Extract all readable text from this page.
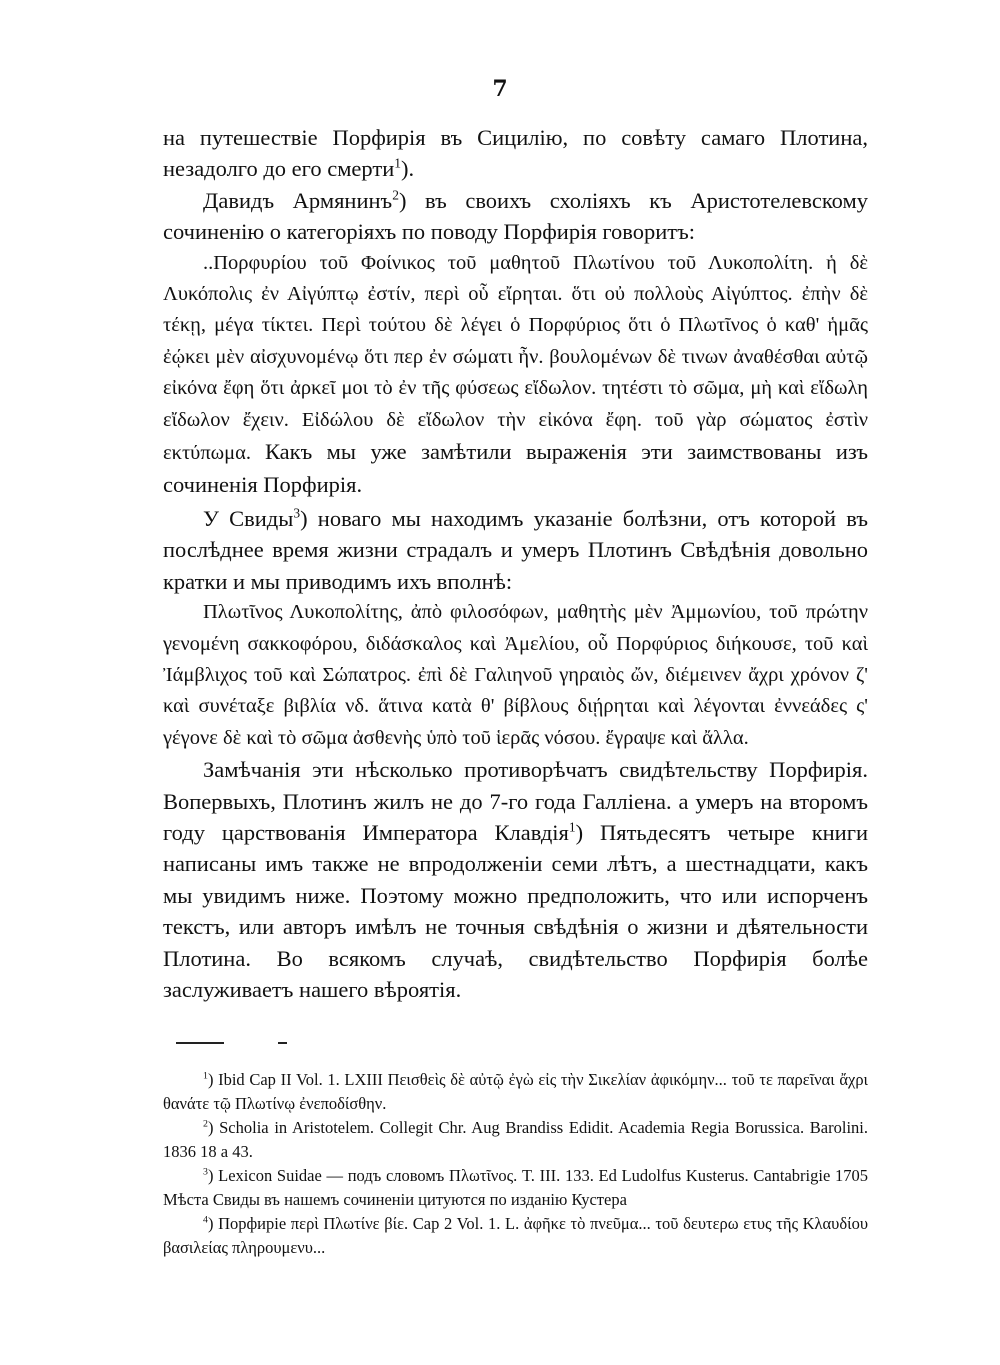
7

на путешествіе Порфирія въ Сицилію, по совѣту самаго Плотина, незадолго до его смерти$^1$).

Давидъ Армянинъ$^2$) въ своихъ схоліяхъ къ Аристотелевскому сочиненію о категоріяхъ по поводу Порфирія говоритъ:

..Πορφυρίου τοῦ Φοίνικος τοῦ μαθητοῦ Πλωτίνου τοῦ Λυκοπολίτη. ἡ δὲ Λυκόπολις ἐν Αἰγύπτῳ ἐστίν, περὶ οὗ εἴρηται. ὅτι οὐ πολλοὺς Αἰγύπτος. ἐπὴν δὲ τέκῃ, μέγα τίκτει. Περὶ τούτου δὲ λέγει ὁ Πορφύριος ὅτι ὁ Πλωτῖνος ὁ καθ' ἡμᾶς ἐῴκει μὲν αἰσχυνομένῳ ὅτι περ ἐν σώματι ἦν. βουλομένων δὲ τινων ἀναθέσθαι αὐτῷ εἰκόνα ἔφη ὅτι ἀρκεῖ μοι τὸ ἐν τῆς φύσεως εἴδωλον. τητέστι τὸ σῶμα, μὴ καὶ εἴδωλη εἴδωλον ἔχειν. Εἰδώλου δὲ εἴδωλον τὴν εἰκόνα ἔφη. τοῦ γὰρ σώματος ἐστὶν εκτύπωμα. Какъ мы уже замѣтили выраженія эти заимствованы изъ сочиненія Порфирія.

У Свиды$^3$) новаго мы находимъ указаніе болѣзни, отъ которой въ послѣднее время жизни страдалъ и умеръ Плотинъ Свѣдѣнія довольно кратки и мы приводимъ ихъ вполнѣ:

Πλωτῖνος Λυκοπολίτης, ἀπὸ φιλοσόφων, μαθητὴς μὲν Ἀμμωνίου, τοῦ πρώτην γενομένη σακκοφόρου, διδάσκαλος καὶ Ἀμελίου, οὗ Πορφύριος διήκουσε, τοῦ καὶ Ἰάμβλιχος τοῦ καὶ Σώπατρος. ἐπὶ δὲ Γαλιηνοῦ γηραιὸς ὤν, διέμεινεν ἄχρι χρόνον ζ' καὶ συνέταξε βιβλία νδ. ἅτινα κατὰ θ' βίβλους διῄρηται καὶ λέγονται ἐννεάδες ς' γέγονε δὲ καὶ τὸ σῶμα ἀσθενὴς ὑπὸ τοῦ ἱερᾶς νόσου. ἔγραψε καὶ ἄλλα.

Замѣчанія эти нѣсколько противорѣчатъ свидѣтельству Порфирія. Вопервыхъ, Плотинъ жилъ не до 7-го года Галліена. а умеръ на второмъ году царствованія Императора Клавдія$^1$) Пятьдесятъ четыре книги написаны имъ также не впродолженіи семи лѣтъ, а шестнадцати, какъ мы увидимъ ниже. Поэтому можно предположить, что или испорченъ текстъ, или авторъ имѣлъ не точныя свѣдѣнія о жизни и дѣятельности Плотина. Во всякомъ случаѣ, свидѣтельство Порфирія болѣе заслуживаетъ нашего вѣроятія.

$^1$) Ibid Cap II Vol. 1. LXIII Πεισθεὶς δὲ αὐτῷ ἐγὼ εἰς τὴν Σικελίαν ἀφικόμην... τοῦ τε παρεῖναι ἄχρι θανάτε τῷ Πλωτίνῳ ἐνεποδίσθην.

$^2$) Scholia in Aristotelem. Collegit Chr. Aug Brandiss Edidit. Academia Regia Borussica. Barolini. 1836 18 a 43.

$^3$) Lexicon Suidae — подъ словомъ Πλωτῖνος. T. III. 133. Ed Ludolfus Kusterus. Cantabrigie 1705 Мѣста Свиды въ нашемъ сочиненіи цитуются по изданію Кустера

$^4$) Порфиріе περὶ Πλωτίνε βίε. Cap 2 Vol. 1. L. ἀφῆκε τὸ πνεῦμα... τοῦ δευτερω ετυς τῆς Κλαυδίου βασιλείας πληρουμενυ...
